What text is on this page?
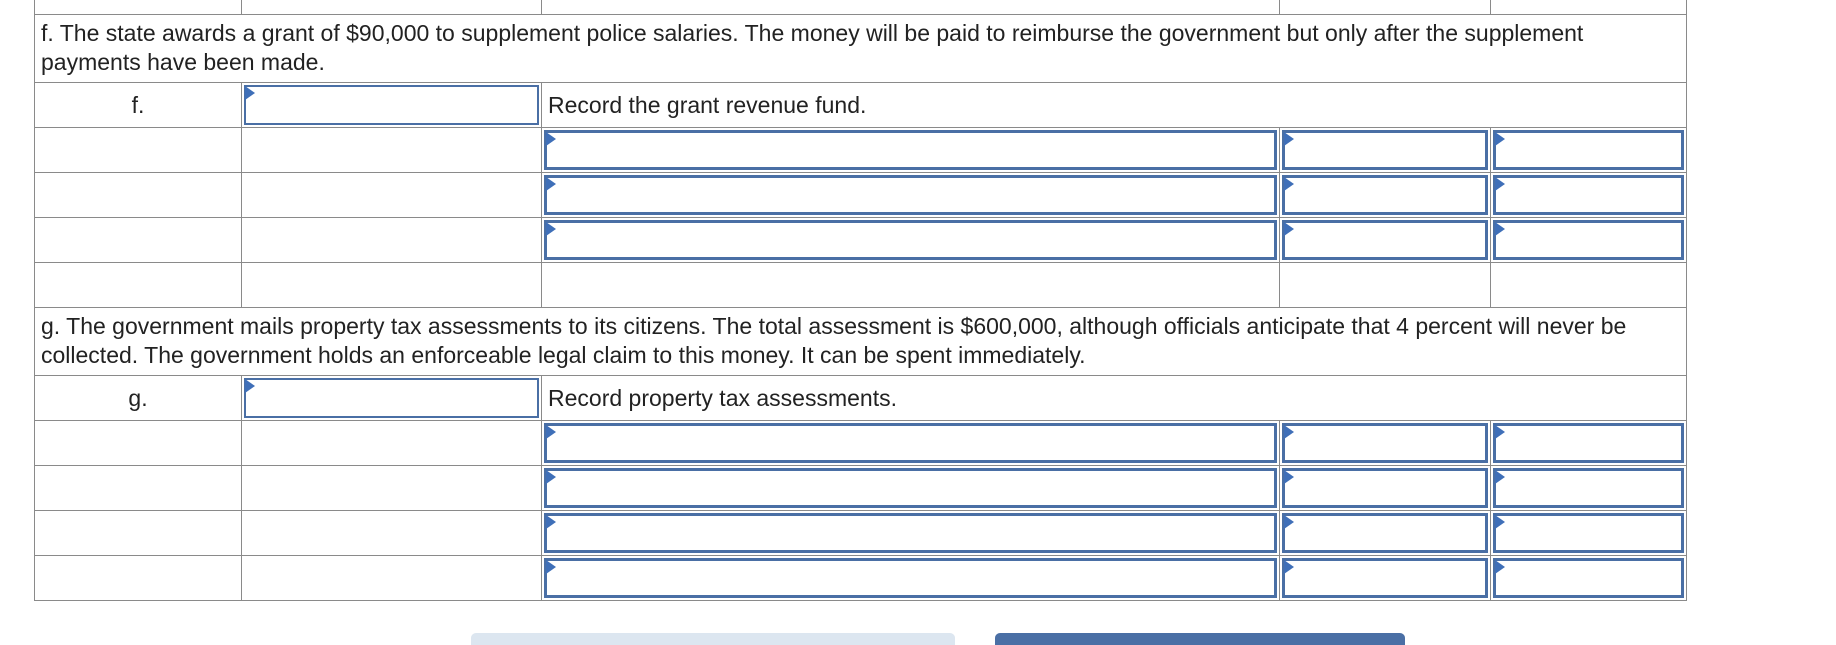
f. The state awards a grant of $90,000 to supplement police salaries. The money will be paid to reimburse the government but only after the supplement payments have been made.				
f.		Record the grant revenue fund.		

g. The government mails property tax assessments to its citizens. The total assessment is $600,000, although officials anticipate that 4 percent will never be collected. The government holds an enforceable legal claim to this money. It can be spent immediately.				
g.		Record property tax assessments.		
